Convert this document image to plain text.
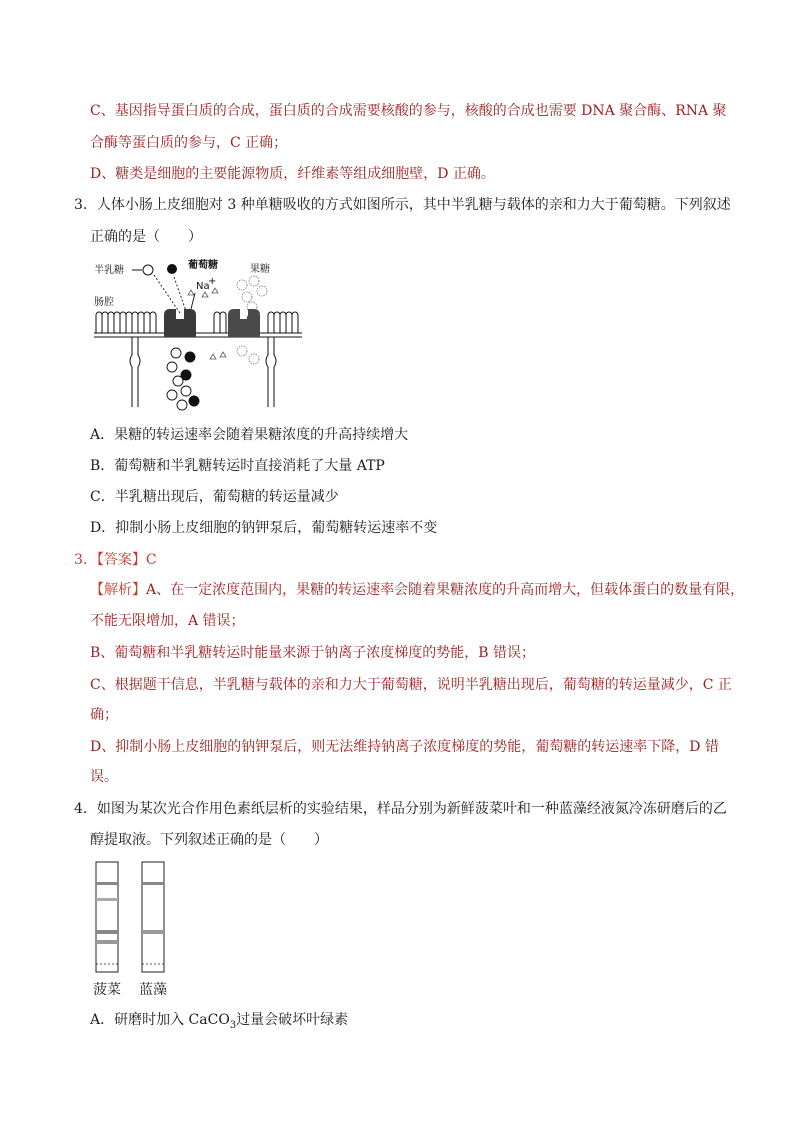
C、基因指导蛋白质的合成，蛋白质的合成需要核酸的参与，核酸的合成也需要 DNA 聚合酶、RNA 聚
合酶等蛋白质的参与，C 正确；
D、糖类是细胞的主要能源物质，纤维素等组成细胞壁，D 正确。
3．人体小肠上皮细胞对 3 种单糖吸收的方式如图所示，其中半乳糖与载体的亲和力大于葡萄糖。下列叙述
正确的是（　　）
半乳糖	葡萄糖	果糖
Na
+
肠腔
A．果糖的转运速率会随着果糖浓度的升高持续增大
B．葡萄糖和半乳糖转运时直接消耗了大量 ATP
C．半乳糖出现后，葡萄糖的转运量减少
D．抑制小肠上皮细胞的钠钾泵后，葡萄糖转运速率不变
3．【答案】C
【解析】A、在一定浓度范围内，果糖的转运速率会随着果糖浓度的升高而增大，但载体蛋白的数量有限，
不能无限增加，A 错误；
B、葡萄糖和半乳糖转运时能量来源于钠离子浓度梯度的势能，B 错误；
C、根据题干信息，半乳糖与载体的亲和力大于葡萄糖，说明半乳糖出现后，葡萄糖的转运量减少，C 正
确；
D、抑制小肠上皮细胞的钠钾泵后，则无法维持钠离子浓度梯度的势能，葡萄糖的转运速率下降，D 错
误。
4．如图为某次光合作用色素纸层析的实验结果，样品分别为新鲜菠菜叶和一种蓝藻经液氮冷冻研磨后的乙
醇提取液。下列叙述正确的是（　　）
菠菜 蓝藻
A．研磨时加入 CaCO$_3$过量会破坏叶绿素
